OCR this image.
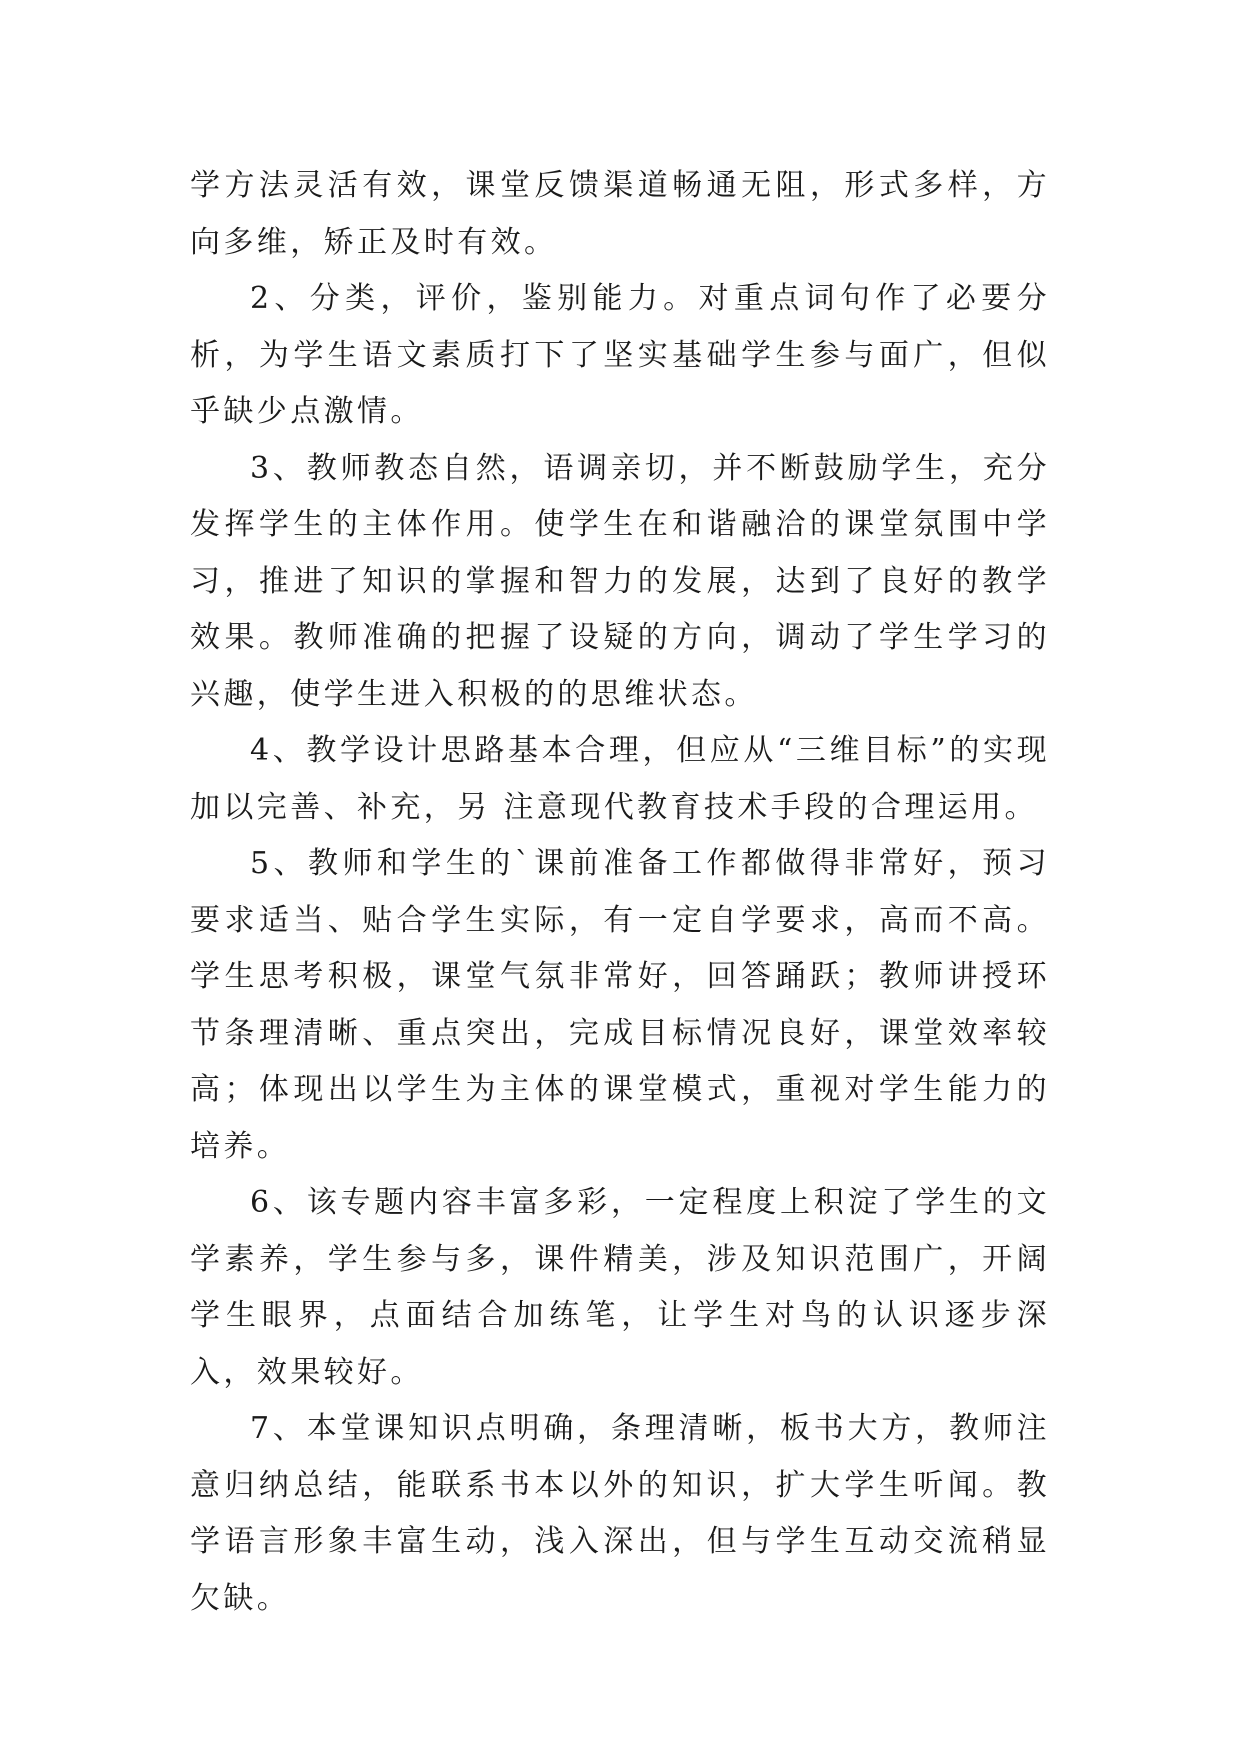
学方法灵活有效，课堂反馈渠道畅通无阻，形式多样，方向多维，矫正及时有效。

2、分类，评价，鉴别能力。对重点词句作了必要分析，为学生语文素质打下了坚实基础学生参与面广，但似乎缺少点激情。

3、教师教态自然，语调亲切，并不断鼓励学生，充分发挥学生的主体作用。使学生在和谐融洽的课堂氛围中学习，推进了知识的掌握和智力的发展，达到了良好的教学效果。教师准确的把握了设疑的方向，调动了学生学习的兴趣，使学生进入积极的的思维状态。

4、教学设计思路基本合理，但应从“三维目标”的实现加以完善、补充，另 注意现代教育技术手段的合理运用。

5、教师和学生的`课前准备工作都做得非常好，预习要求适当、贴合学生实际，有一定自学要求，高而不高。学生思考积极，课堂气氛非常好，回答踊跃；教师讲授环节条理清晰、重点突出，完成目标情况良好，课堂效率较高；体现出以学生为主体的课堂模式，重视对学生能力的培养。

6、该专题内容丰富多彩，一定程度上积淀了学生的文学素养，学生参与多，课件精美，涉及知识范围广，开阔学生眼界，点面结合加练笔，让学生对鸟的认识逐步深入，效果较好。

7、本堂课知识点明确，条理清晰，板书大方，教师注意归纳总结，能联系书本以外的知识，扩大学生听闻。教学语言形象丰富生动，浅入深出，但与学生互动交流稍显欠缺。
